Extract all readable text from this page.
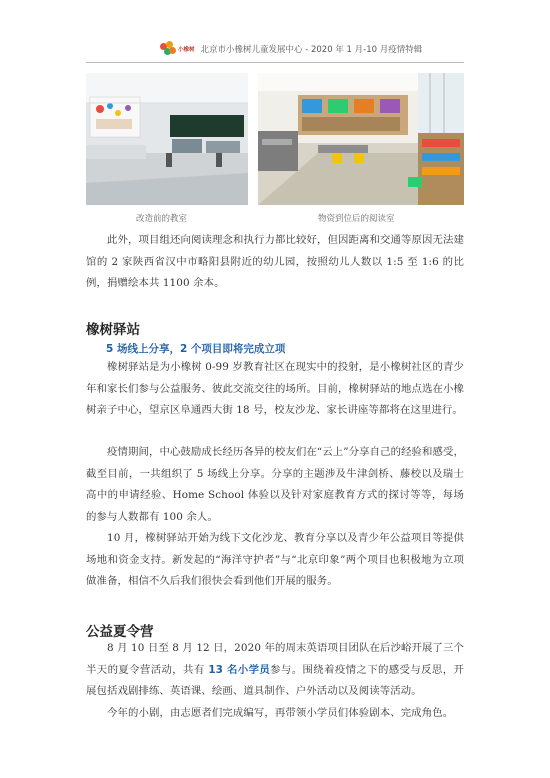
小橡树 北京市小橡树儿童发展中心 - 2020 年 1 月-10 月疫情特辑
改造前的教室	物资到位后的阅读室

此外，项目组还向阅读理念和执行力都比较好，但因距离和交通等原因无法建馆的 2 家陕西省汉中市略阳县附近的幼儿园，按照幼儿人数以 1:5 至 1:6 的比例，捐赠绘本共 1100 余本。

橡树驿站
5 场线上分享，2 个项目即将完成立项

橡树驿站是为小橡树 0-99 岁教育社区在现实中的投射，是小橡树社区的青少年和家长们参与公益服务、彼此交流交往的场所。目前，橡树驿站的地点选在小橡树亲子中心，望京区阜通西大街 18 号，校友沙龙、家长讲座等都将在这里进行。

疫情期间，中心鼓励成长经历各异的校友们在“云上”分享自己的经验和感受，截至目前，一共组织了 5 场线上分享。分享的主题涉及牛津剑桥、藤校以及瑞士高中的申请经验、Home School 体验以及针对家庭教育方式的探讨等等，每场的参与人数都有 100 余人。

10 月，橡树驿站开始为线下文化沙龙、教育分享以及青少年公益项目等提供场地和资金支持。新发起的“海洋守护者”与“北京印象”两个项目也积极地为立项做准备，相信不久后我们很快会看到他们开展的服务。

公益夏令营

8 月 10 日至 8 月 12 日，2020 年的周末英语项目团队在后沙峪开展了三个半天的夏令营活动，共有 13 名小学员参与。围绕着疫情之下的感受与反思，开展包括戏剧排练、英语课、绘画、道具制作、户外活动以及阅读等活动。

今年的小剧，由志愿者们完成编写，再带领小学员们体验剧本、完成角色。
